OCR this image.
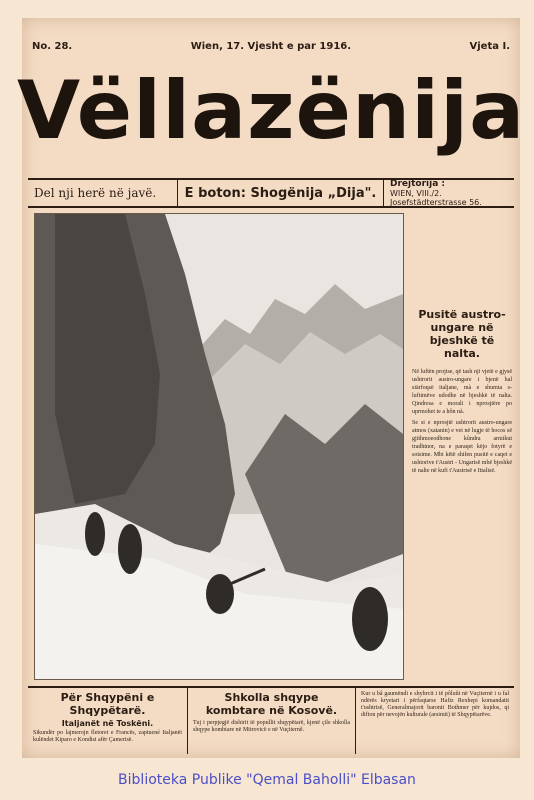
No. 28.	Wien, 17. Vjesht e par 1916.	Vjeta I.
Vëllazënija
Del nji herë në javë.	E boton: Shogënija „Dija".
Drejtorija :
WIEN, VIII./2. Josefstädterstrasse 56.
Pusitë austro-ungare në bjeshkë të nalta.

Në luftën projtse, që tash nji vjetë e gjysë ushtrorit austro-ungare i bjenë hal siärfoqsë italjane, mà e shumta s-luftimëve udodhe në bjeshkë të nalta. Qindresa e morali i nprosjtëre po uprmohet te a hôn nà.

Se si e nprosjtë ushtrorit austro-ungare atmos (xatanin) e vet në lugje të hocos së gjithmoeodhone kûndra armikut tradhtnor, na e paraqet këjo fotyrë e sotsime. Mbi këtë shifen pusitë e caqet e ushtorive t'Austri - Ungarisë mbë bjeshkë të nalte në kufi t'Austrisë e Ittalisë.

Për Shqypëni e Shqypëtarë.
Italjanët në Toskëni.
Sikundër po lajmerojn fletoret e Francës, zaptuené Italjanët kulëndet Kiparo e Kondisi afër Çamerisë.
Shkolla shqype kombtare në Kosovë.
Tuj i perpjegjë dishirit të popullit shqypëtarë, kjenë çile shkolla shqype kombtare në Mitrovicë e në Vuçiterně.
Kur u bâ gaumëndi e shyhrcit i të pôluût në Vuçiternë i u fal ndërës kryetari i përfaqtarse Hafiz Rexhepi komandatit t'ushtrisë, Generalmajorit baronit Bothmer për kujdos, qi difton për nevojën kulturale (arsimit) të Shqypëtarëve.
Biblioteka Publike "Qemal Baholli" Elbasan
